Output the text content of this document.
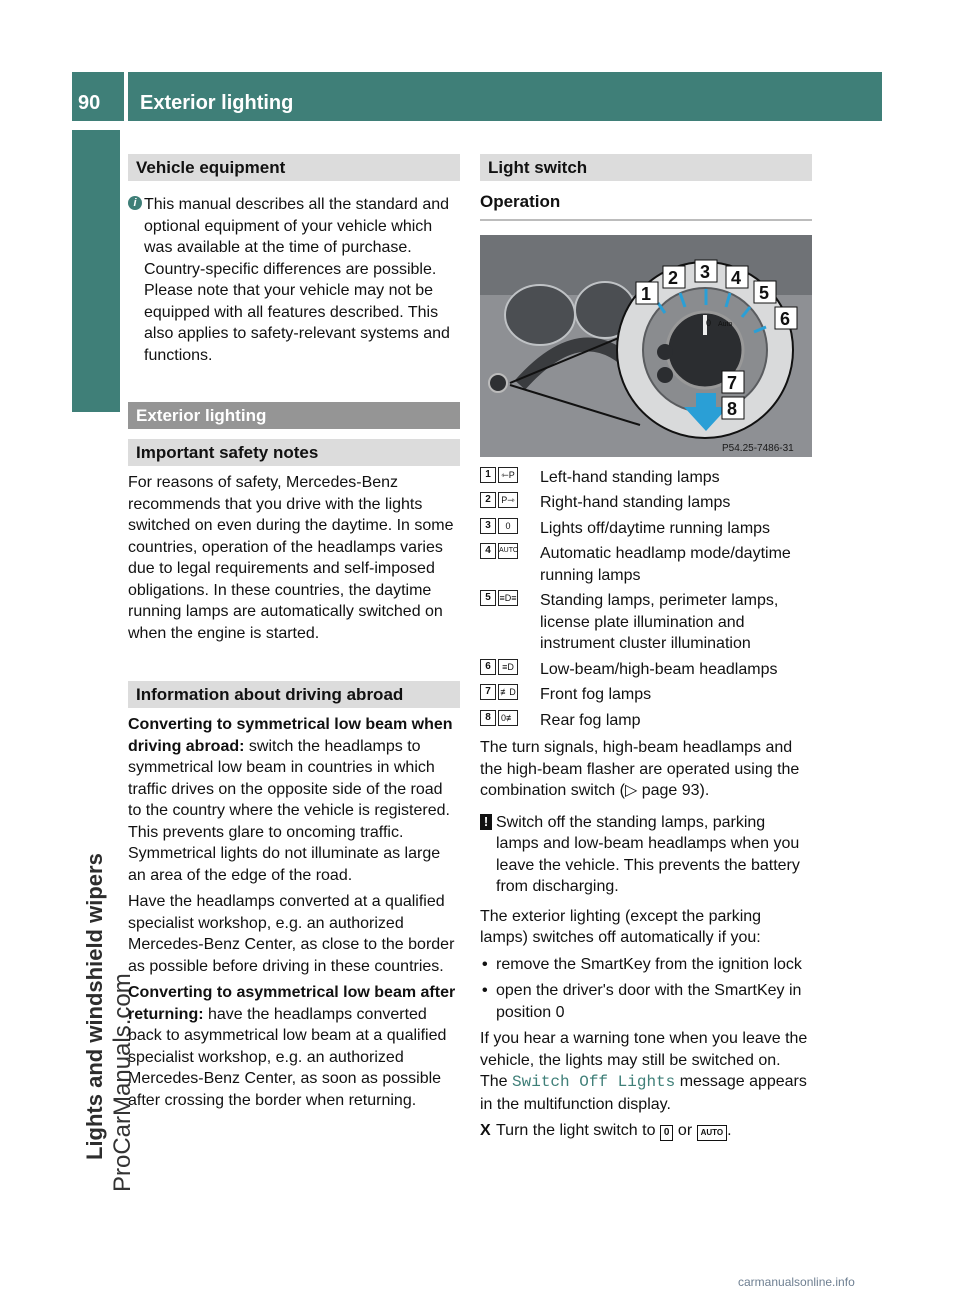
90 Exterior lighting
Lights and windshield wipers ProCarManuals.com
carmanualsonline.info
Vehicle equipment
i This manual describes all the standard and optional equipment of your vehicle which was available at the time of purchase. Country-specific differences are possible. Please note that your vehicle may not be equipped with all features described. This also applies to safety-relevant systems and functions.
Exterior lighting
Important safety notes

For reasons of safety, Mercedes-Benz recommends that you drive with the lights switched on even during the daytime. In some countries, operation of the headlamps varies due to legal requirements and self-imposed obligations. In these countries, the daytime running lamps are automatically switched on when the engine is started.

Information about driving abroad

Converting to symmetrical low beam when driving abroad: switch the headlamps to symmetrical low beam in countries in which traffic drives on the opposite side of the road to the country where the vehicle is registered. This prevents glare to oncoming traffic. Symmetrical lights do not illuminate as large an area of the edge of the road.

Have the headlamps converted at a qualified specialist workshop, e.g. an authorized Mercedes-Benz Center, as close to the border as possible before driving in these countries.

Converting to asymmetrical low beam after returning: have the headlamps converted back to asymmetrical low beam at a qualified specialist workshop, e.g. an authorized Mercedes-Benz Center, as soon as possible after crossing the border when returning.

Light switch
Operation
0 Auto
1
2 3 4
5
6
7
8
P54.25-7486-31
1	⇽P Left-hand standing lamps
2	P⇾ Right-hand standing lamps
3	0	Lights off/daytime running lamps
4	AUTO Automatic headlamp mode/daytime running lamps
5 ≡D≡ Standing lamps, perimeter lamps, license plate illumination and instrument cluster illumination
6	≡D Low-beam/high-beam headlamps
7	≢D Front fog lamps
8	0≢ Rear fog lamp

The turn signals, high-beam headlamps and the high-beam flasher are operated using the combination switch (▷ page 93).

! Switch off the standing lamps, parking lamps and low-beam headlamps when you leave the vehicle. This prevents the battery from discharging.

The exterior lighting (except the parking lamps) switches off automatically if you:

• remove the SmartKey from the ignition lock
• open the driver's door with the SmartKey in position 0

If you hear a warning tone when you leave the vehicle, the lights may still be switched on. The Switch Off Lights message appears in the multifunction display.

X Turn the light switch to 0 or AUTO .
